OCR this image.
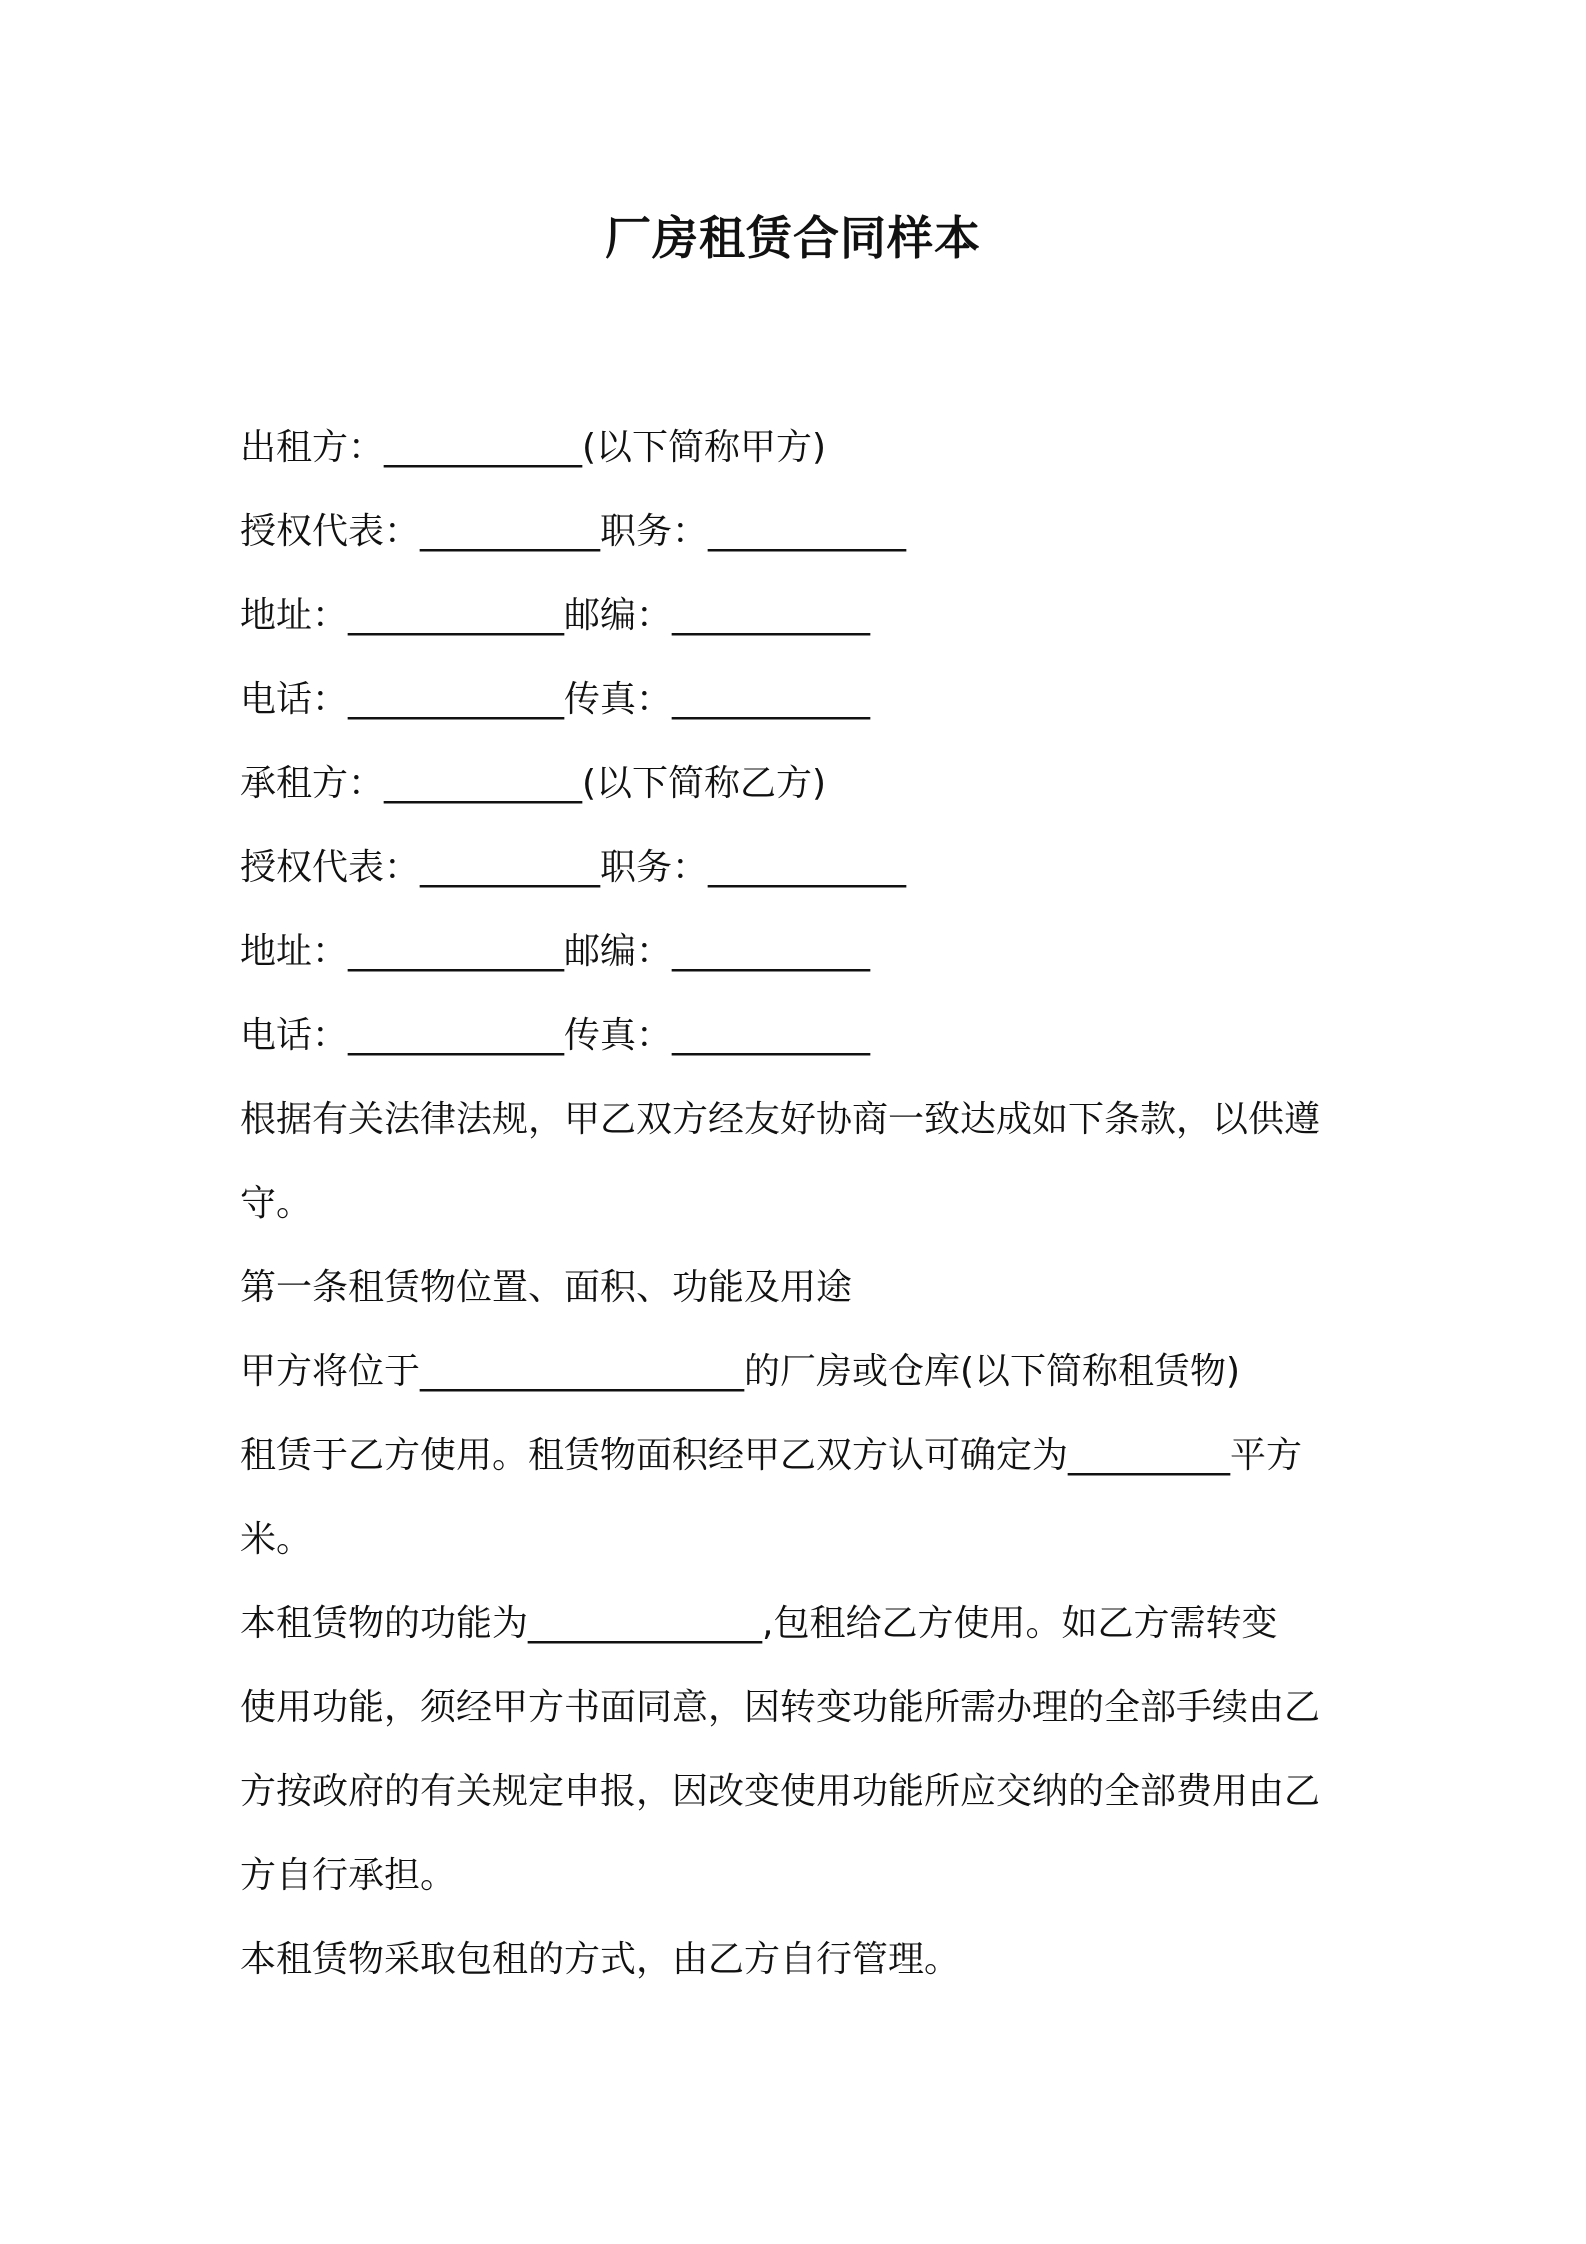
厂房租赁合同样本
出租方：___________(以下简称甲方)
授权代表：__________职务：___________
地址：____________邮编：___________
电话：____________传真：___________
承租方：___________(以下简称乙方)
授权代表：__________职务：___________
地址：____________邮编：___________
电话：____________传真：___________
根据有关法律法规，甲乙双方经友好协商一致达成如下条款，以供遵
守。
第一条租赁物位置、面积、功能及用途
甲方将位于__________________的厂房或仓库(以下简称租赁物)
租赁于乙方使用。租赁物面积经甲乙双方认可确定为_________平方
米。
本租赁物的功能为_____________,包租给乙方使用。如乙方需转变
使用功能，须经甲方书面同意，因转变功能所需办理的全部手续由乙
方按政府的有关规定申报，因改变使用功能所应交纳的全部费用由乙
方自行承担。
本租赁物采取包租的方式，由乙方自行管理。
